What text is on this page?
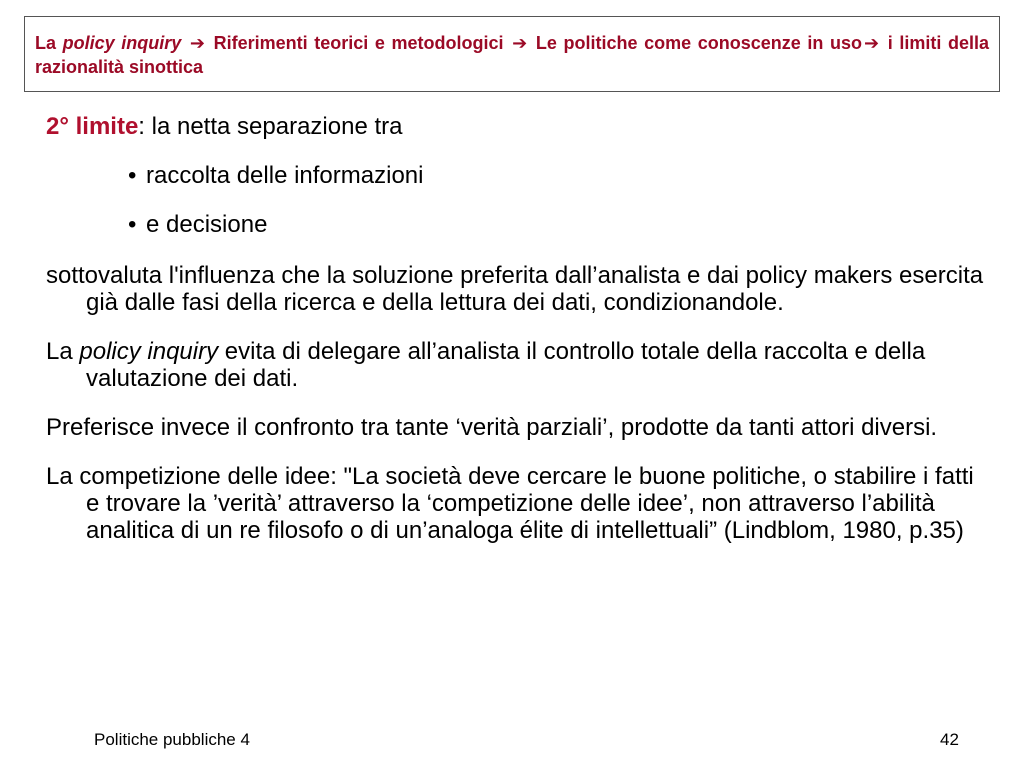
La policy inquiry ➔ Riferimenti teorici e metodologici ➔ Le politiche come conoscenze in uso ➔ i limiti della razionalità sinottica

2° limite: la netta separazione tra

• raccolta delle informazioni

• e decisione

sottovaluta l'influenza che la soluzione preferita dall’analista e dai policy makers esercita già dalle fasi della ricerca e della lettura dei dati, condizionandole.

La policy inquiry evita di delegare all’analista il controllo totale della raccolta e della valutazione dei dati.

Preferisce invece il confronto tra tante ‘verità parziali’, prodotte da tanti attori diversi.

La competizione delle idee: "La società deve cercare le buone politiche, o stabilire i fatti e trovare la ’verità’ attraverso la ‘competizione delle idee’, non attraverso l’abilità analitica di un re filosofo o di un’analoga élite di intellettuali” (Lindblom, 1980, p.35)

Politiche pubbliche 4	42
